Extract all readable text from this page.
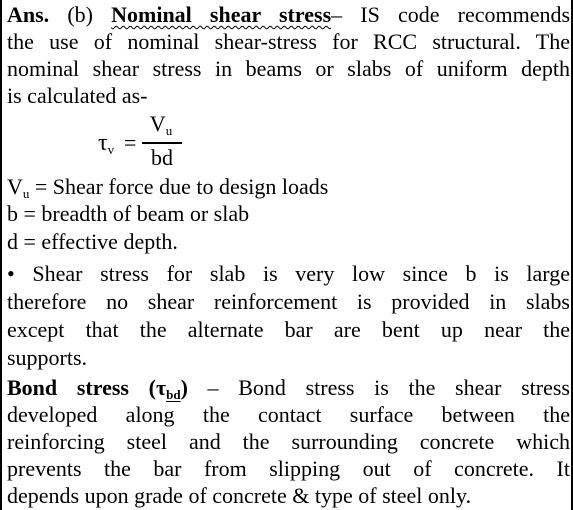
Ans. (b) Nominal shear stress– IS code recommends
the use of nominal shear-stress for RCC structural. The
nominal shear stress in beams or slabs of uniform depth
is calculated as-
$\tau_v$ =
$V_u$
bd
$V_u$ = Shear force due to design loads
b = breadth of beam or slab
d = effective depth.
• Shear stress for slab is very low since b is large
therefore no shear reinforcement is provided in slabs
except that the alternate bar are bent up near the
supports.
Bond stress $(\tau_{bd})$ – Bond stress is the shear stress
developed along the contact surface between the
reinforcing steel and the surrounding concrete which
prevents the bar from slipping out of concrete. It
depends upon grade of concrete & type of steel only.
